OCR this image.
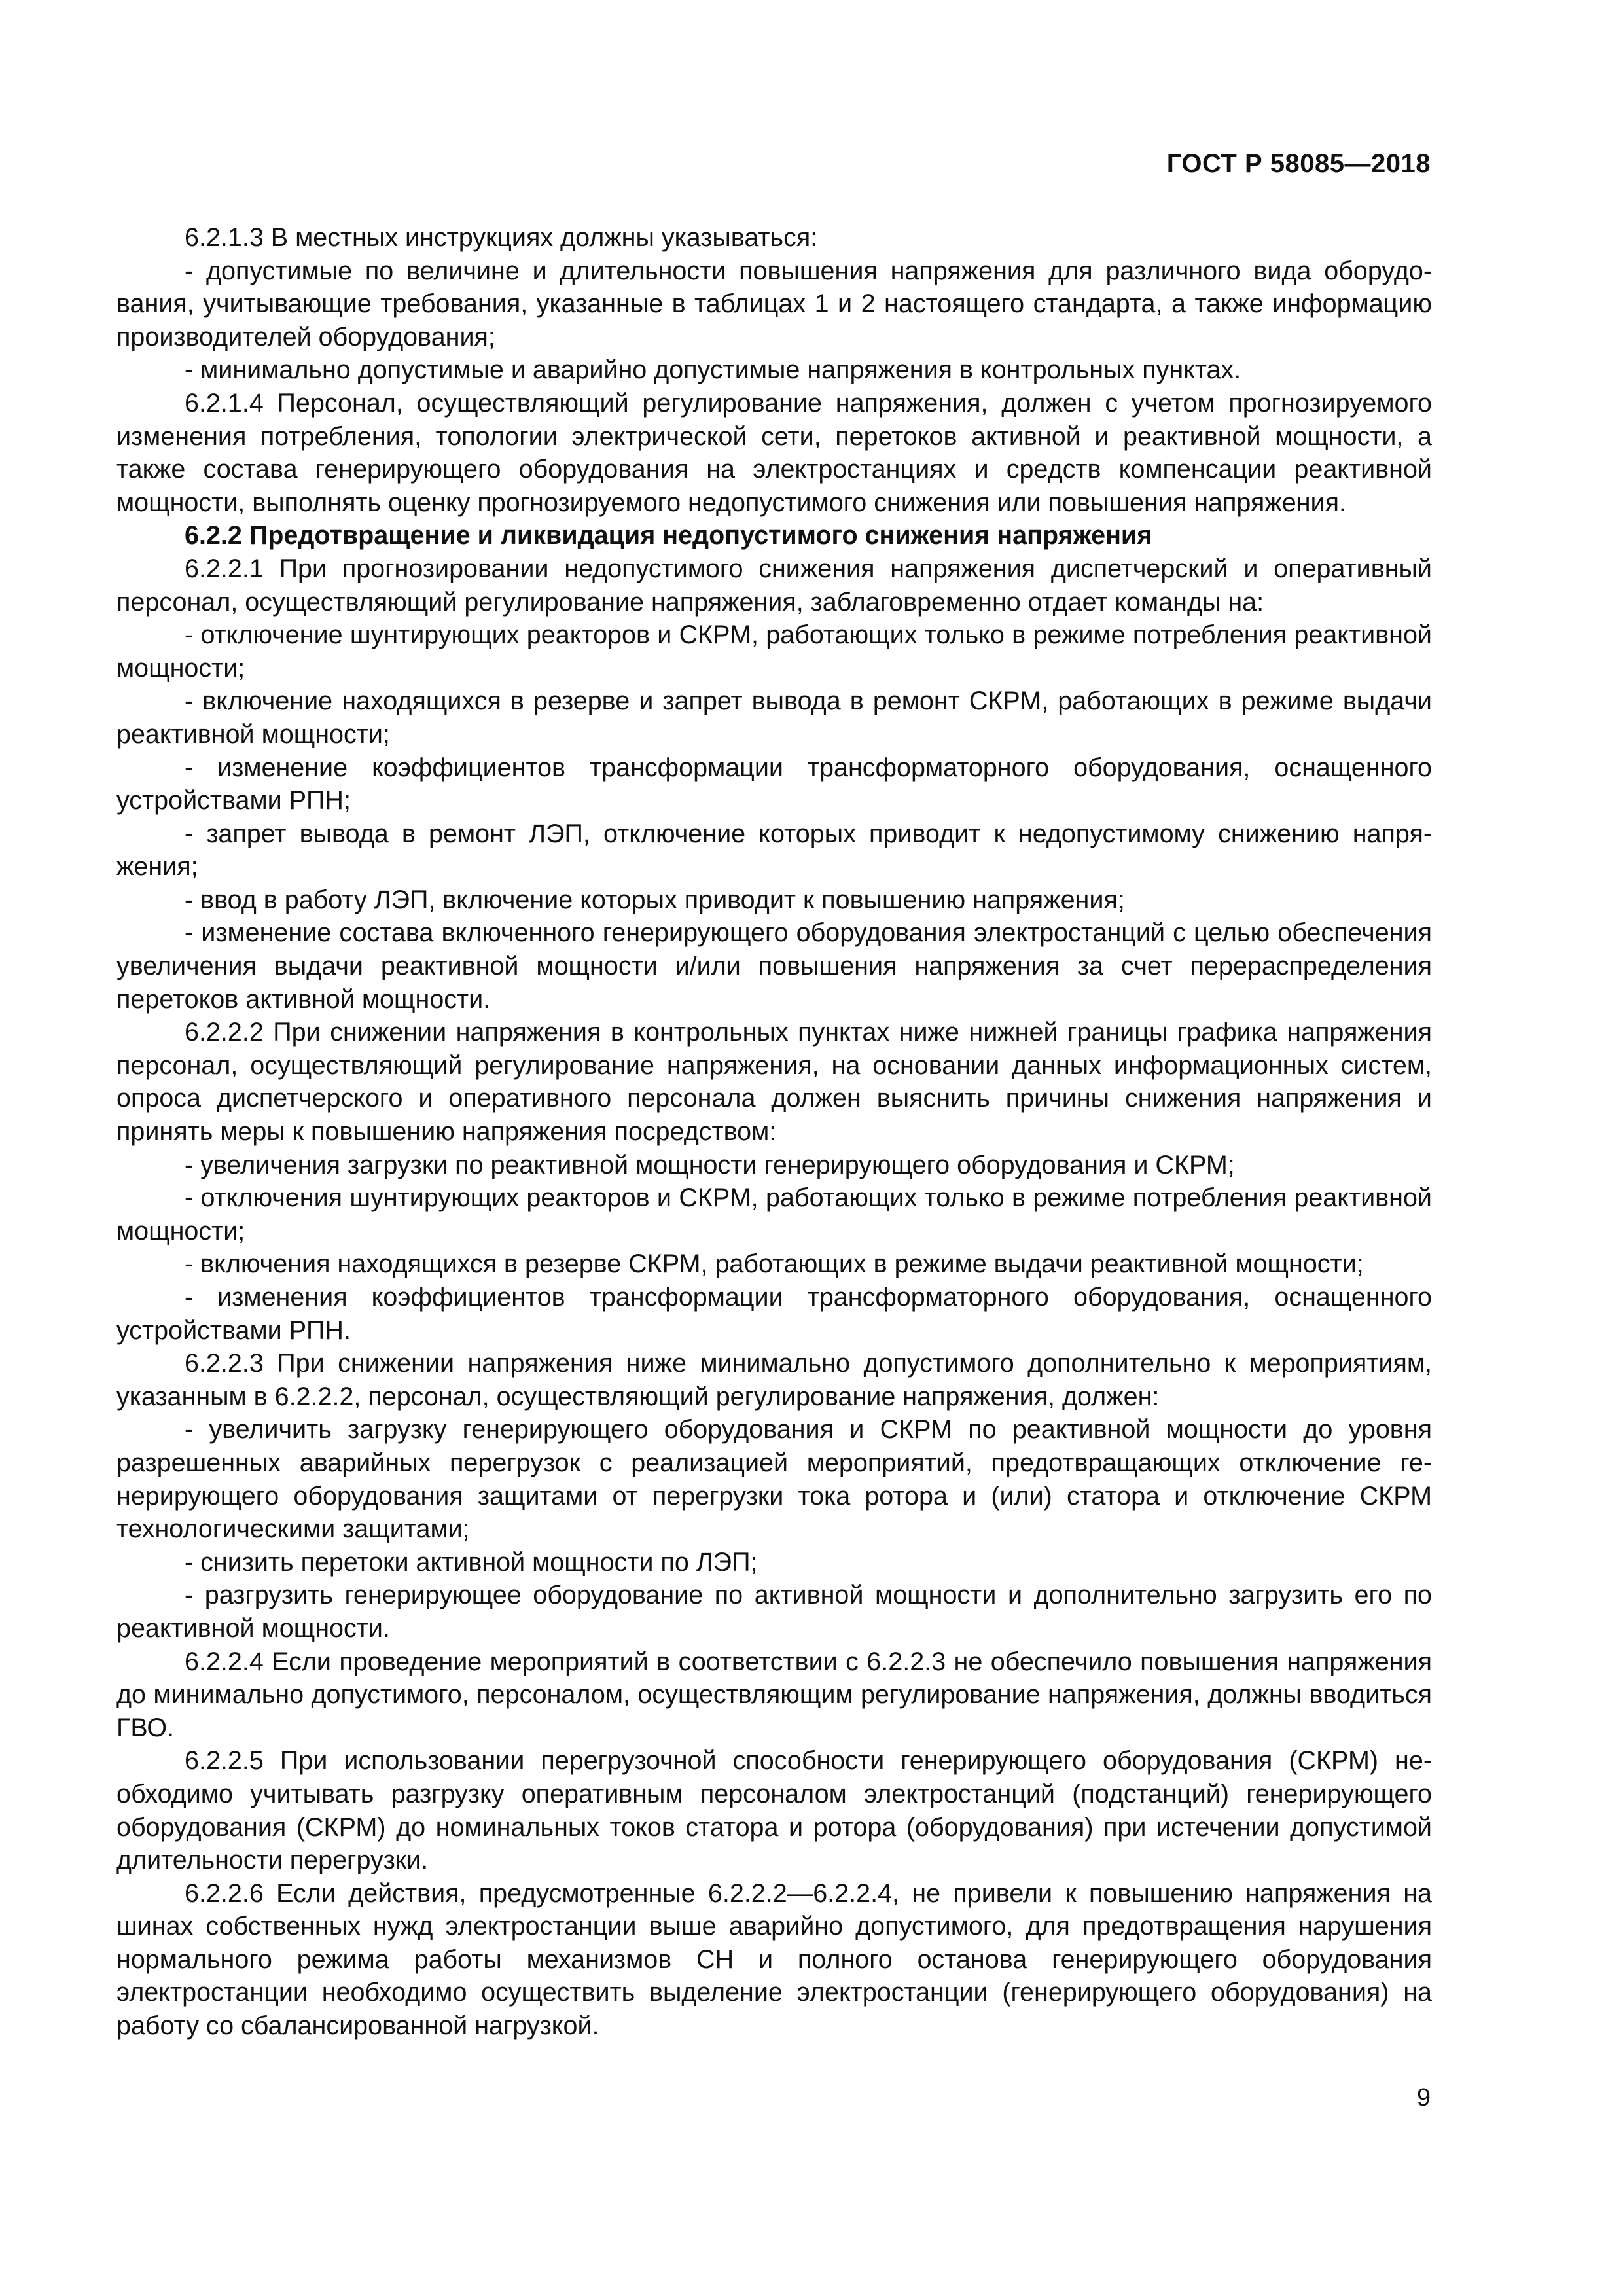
ГОСТ Р 58085—2018

6.2.1.3 В местных инструкциях должны указываться:

- допустимые по величине и длительности повышения напряжения для различного вида оборудования, учитывающие требования, указанные в таблицах 1 и 2 настоящего стандарта, а также информацию производителей оборудования;

- минимально допустимые и аварийно допустимые напряжения в контрольных пунктах.

6.2.1.4 Персонал, осуществляющий регулирование напряжения, должен с учетом прогнозируемого изменения потребления, топологии электрической сети, перетоков активной и реактивной мощности, а также состава генерирующего оборудования на электростанциях и средств компенсации реактивной мощности, выполнять оценку прогнозируемого недопустимого снижения или повышения напряжения.

6.2.2 Предотвращение и ликвидация недопустимого снижения напряжения

6.2.2.1 При прогнозировании недопустимого снижения напряжения диспетчерский и оперативный персонал, осуществляющий регулирование напряжения, заблаговременно отдает команды на:

- отключение шунтирующих реакторов и СКРМ, работающих только в режиме потребления реактивной мощности;

- включение находящихся в резерве и запрет вывода в ремонт СКРМ, работающих в режиме выдачи реактивной мощности;

- изменение коэффициентов трансформации трансформаторного оборудования, оснащенного устройствами РПН;

- запрет вывода в ремонт ЛЭП, отключение которых приводит к недопустимому снижению напряжения;

- ввод в работу ЛЭП, включение которых приводит к повышению напряжения;

- изменение состава включенного генерирующего оборудования электростанций с целью обеспечения увеличения выдачи реактивной мощности и/или повышения напряжения за счет перераспределения перетоков активной мощности.

6.2.2.2 При снижении напряжения в контрольных пунктах ниже нижней границы графика напряжения персонал, осуществляющий регулирование напряжения, на основании данных информационных систем, опроса диспетчерского и оперативного персонала должен выяснить причины снижения напряжения и принять меры к повышению напряжения посредством:

- увеличения загрузки по реактивной мощности генерирующего оборудования и СКРМ;

- отключения шунтирующих реакторов и СКРМ, работающих только в режиме потребления реактивной мощности;

- включения находящихся в резерве СКРМ, работающих в режиме выдачи реактивной мощности;

- изменения коэффициентов трансформации трансформаторного оборудования, оснащенного устройствами РПН.

6.2.2.3 При снижении напряжения ниже минимально допустимого дополнительно к мероприятиям, указанным в 6.2.2.2, персонал, осуществляющий регулирование напряжения, должен:

- увеличить загрузку генерирующего оборудования и СКРМ по реактивной мощности до уровня разрешенных аварийных перегрузок с реализацией мероприятий, предотвращающих отключение генерирующего оборудования защитами от перегрузки тока ротора и (или) статора и отключение СКРМ технологическими защитами;

- снизить перетоки активной мощности по ЛЭП;

- разгрузить генерирующее оборудование по активной мощности и дополнительно загрузить его по реактивной мощности.

6.2.2.4 Если проведение мероприятий в соответствии с 6.2.2.3 не обеспечило повышения напряжения до минимально допустимого, персоналом, осуществляющим регулирование напряжения, должны вводиться ГВО.

6.2.2.5 При использовании перегрузочной способности генерирующего оборудования (СКРМ) необходимо учитывать разгрузку оперативным персоналом электростанций (подстанций) генерирующего оборудования (СКРМ) до номинальных токов статора и ротора (оборудования) при истечении допустимой длительности перегрузки.

6.2.2.6 Если действия, предусмотренные 6.2.2.2—6.2.2.4, не привели к повышению напряжения на шинах собственных нужд электростанции выше аварийно допустимого, для предотвращения нарушения нормального режима работы механизмов СН и полного останова генерирующего оборудования электростанции необходимо осуществить выделение электростанции (генерирующего оборудования) на работу со сбалансированной нагрузкой.

9
